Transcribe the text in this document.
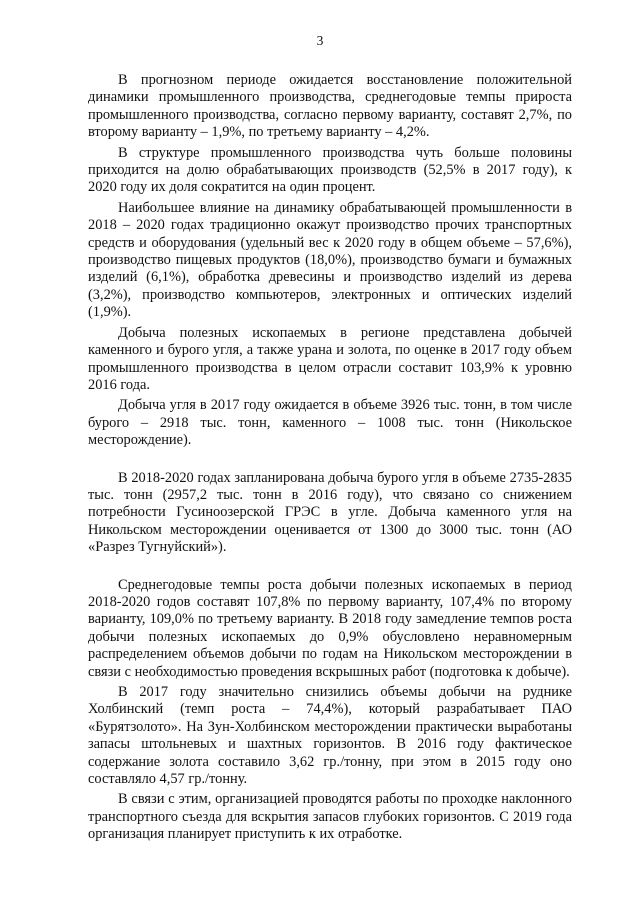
3

В прогнозном периоде ожидается восстановление положительной динамики промышленного производства, среднегодовые темпы прироста промышленного производства, согласно первому варианту, составят 2,7%, по второму варианту – 1,9%, по третьему варианту – 4,2%.

В структуре промышленного производства чуть больше половины приходится на долю обрабатывающих производств (52,5% в 2017 году), к 2020 году их доля сократится на один процент.

Наибольшее влияние на динамику обрабатывающей промышленности в 2018 – 2020 годах традиционно окажут производство прочих транспортных средств и оборудования (удельный вес к 2020 году в общем объеме – 57,6%), производство пищевых продуктов (18,0%), производство бумаги и бумажных изделий (6,1%), обработка древесины и производство изделий из дерева (3,2%), производство компьютеров, электронных и оптических изделий (1,9%).

Добыча полезных ископаемых в регионе представлена добычей каменного и бурого угля, а также урана и золота, по оценке в 2017 году объем промышленного производства в целом отрасли составит 103,9% к уровню 2016 года.

Добыча угля в 2017 году ожидается в объеме 3926 тыс. тонн, в том числе бурого – 2918 тыс. тонн, каменного – 1008 тыс. тонн (Никольское месторождение).

В 2018-2020 годах запланирована добыча бурого угля в объеме 2735-2835 тыс. тонн (2957,2 тыс. тонн в 2016 году), что связано со снижением потребности Гусиноозерской ГРЭС в угле. Добыча каменного угля на Никольском месторождении оценивается от 1300 до 3000 тыс. тонн (АО «Разрез Тугнуйский»).

Среднегодовые темпы роста добычи полезных ископаемых в период 2018-2020 годов составят 107,8% по первому варианту, 107,4% по второму варианту, 109,0% по третьему варианту. В 2018 году замедление темпов роста добычи полезных ископаемых до 0,9% обусловлено неравномерным распределением объемов добычи по годам на Никольском месторождении в связи с необходимостью проведения вскрышных работ (подготовка к добыче).

В 2017 году значительно снизились объемы добычи на руднике Холбинский (темп роста – 74,4%), который разрабатывает ПАО «Бурятзолото». На Зун-Холбинском месторождении практически выработаны запасы штольневых и шахтных горизонтов. В 2016 году фактическое содержание золота составило 3,62 гр./тонну, при этом в 2015 году оно составляло 4,57 гр./тонну.

В связи с этим, организацией проводятся работы по проходке наклонного транспортного съезда для вскрытия запасов глубоких горизонтов. С 2019 года организация планирует приступить к их отработке.
